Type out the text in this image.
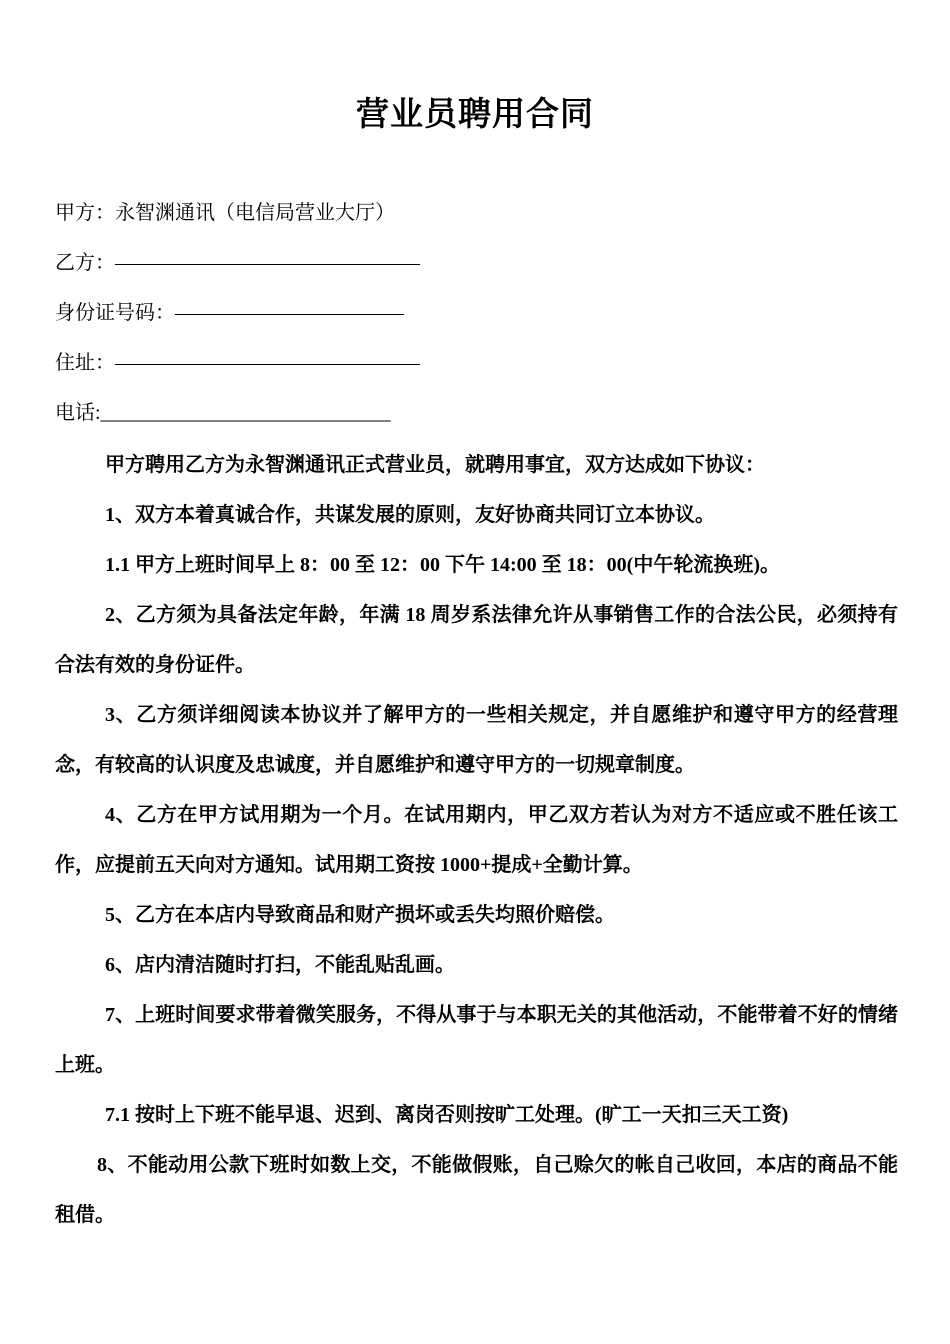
营业员聘用合同
甲方：永智渊通讯（电信局营业大厅）
乙方：————————————————
身份证号码：————————————
住址：————————————————
电话:_____________________________

甲方聘用乙方为永智渊通讯正式营业员，就聘用事宜，双方达成如下协议：

1、双方本着真诚合作，共谋发展的原则，友好协商共同订立本协议。

1.1 甲方上班时间早上 8：00 至 12：00 下午 14:00 至 18：00(中午轮流换班)。

2、乙方须为具备法定年龄，年满 18 周岁系法律允许从事销售工作的合法公民，必须持有合法有效的身份证件。

3、乙方须详细阅读本协议并了解甲方的一些相关规定，并自愿维护和遵守甲方的经营理念，有较高的认识度及忠诚度，并自愿维护和遵守甲方的一切规章制度。

4、乙方在甲方试用期为一个月。在试用期内，甲乙双方若认为对方不适应或不胜任该工作，应提前五天向对方通知。试用期工资按 1000+提成+全勤计算。

5、乙方在本店内导致商品和财产损坏或丢失均照价赔偿。

6、店内清洁随时打扫，不能乱贴乱画。

7、上班时间要求带着微笑服务，不得从事于与本职无关的其他活动，不能带着不好的情绪上班。

7.1 按时上下班不能早退、迟到、离岗否则按旷工处理。(旷工一天扣三天工资)

8、不能动用公款下班时如数上交，不能做假账，自己赊欠的帐自己收回，本店的商品不能租借。
